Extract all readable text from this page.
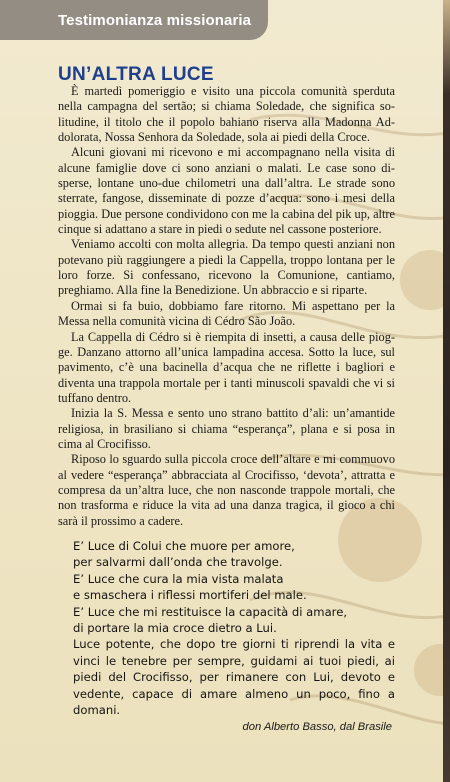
Testimonianza missionaria
UN’ALTRA LUCE

È martedì pomeriggio e visito una piccola comunità sperduta nella campagna del sertão; si chiama Soledade, che significa solitudine, il titolo che il popolo bahiano riserva alla Madonna Addolorata, Nossa Senhora da Soledade, sola ai piedi della Croce.

Alcuni giovani mi ricevono e mi accompagnano nella visita di alcune famiglie dove ci sono anziani o malati. Le case sono disperse, lontane uno-due chilometri una dall’altra. Le strade sono sterrate, fangose, disseminate di pozze d’acqua: sono i mesi della pioggia. Due persone condividono con me la cabina del pik up, altre cinque si adattano a stare in piedi o sedute nel cassone posteriore.

Veniamo accolti con molta allegria. Da tempo questi anziani non potevano più raggiungere a piedi la Cappella, troppo lontana per le loro forze. Si confessano, ricevono la Comunione, cantiamo, preghiamo. Alla fine la Benedizione. Un abbraccio e si riparte.

Ormai si fa buio, dobbiamo fare ritorno. Mi aspettano per la Messa nella comunità vicina di Cédro São João.

La Cappella di Cédro si è riempita di insetti, a causa delle piogge. Danzano attorno all’unica lampadina accesa. Sotto la luce, sul pavimento, c’è una bacinella d’acqua che ne riflette i bagliori e diventa una trappola mortale per i tanti minuscoli spavaldi che vi si tuffano dentro.

Inizia la S. Messa e sento uno strano battito d’ali: un’amantide religiosa, in brasiliano si chiama “esperança”, plana e si posa in cima al Crocifisso.

Riposo lo sguardo sulla piccola croce dell’altare e mi commuovo al vedere “esperança” abbracciata al Crocifisso, ‘devota’, attratta e compresa da un’altra luce, che non nasconde trappole mortali, che non trasforma e riduce la vita ad una danza tragica, il gioco a chi sarà il prossimo a cadere.

E’ Luce di Colui che muore per amore,
per salvarmi dall’onda che travolge.
E’ Luce che cura la mia vista malata
e smaschera i riflessi mortiferi del male.
E’ Luce che mi restituisce la capacità di amare,
di portare la mia croce dietro a Lui.
Luce potente, che dopo tre giorni ti riprendi la vita e vinci le tenebre per sempre, guidami ai tuoi piedi, ai piedi del Crocifisso, per rimanere con Lui, devoto e vedente, capace di amare almeno un poco, fino a domani.
don Alberto Basso, dal Brasile
